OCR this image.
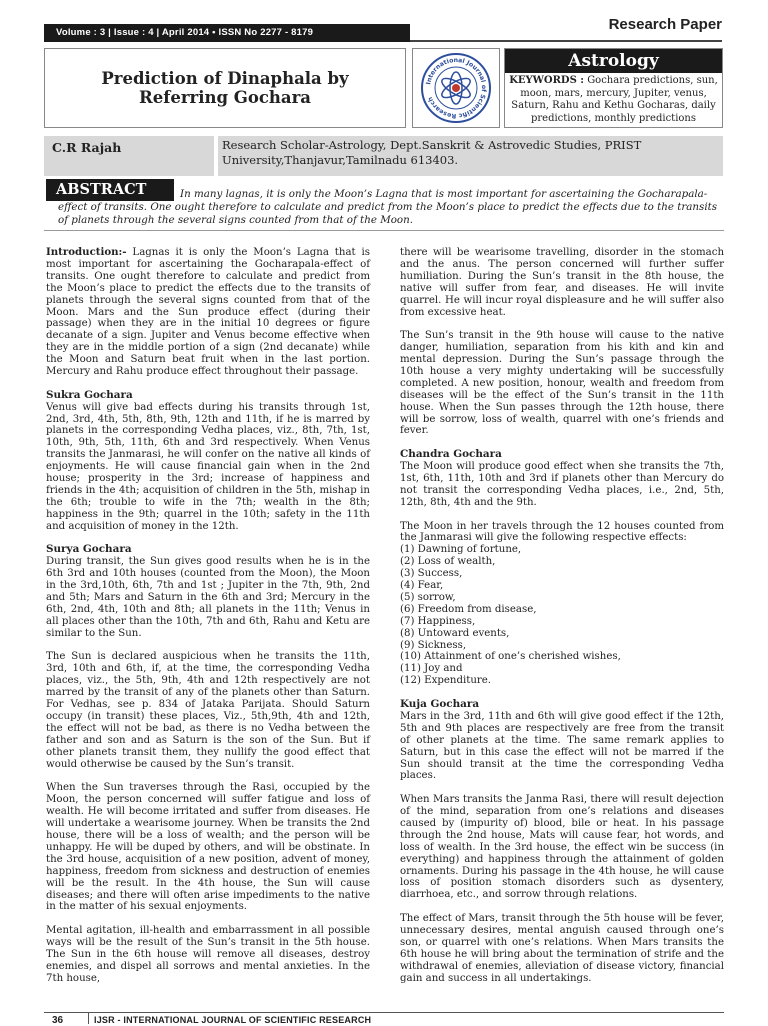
Volume : 3 | Issue : 4 | April 2014 • ISSN No 2277 - 8179	Research Paper
Prediction of Dinaphala by Referring Gochara
International Journal of Scientific Research
Astrology
KEYWORDS : Gochara predictions, sun, moon, mars, mercury, Jupiter, venus, Saturn, Rahu and Kethu Gocharas, daily predictions, monthly predictions
C.R Rajah	Research Scholar-Astrology, Dept.Sanskrit & Astrovedic Studies, PRIST University,Thanjavur,Tamilnadu 613403.
In many lagnas, it is only the Moon’s Lagna that is most important for ascertaining the Gocharapala-effect of transits. One ought therefore to calculate and predict from the Moon’s place to predict the effects due to the transits of planets through the several signs counted from that of the Moon.
ABSTRACT

Introduction:- Lagnas it is only the Moon’s Lagna that is most important for ascertaining the Gocharapala-effect of transits. One ought therefore to calculate and predict from the Moon’s place to predict the effects due to the transits of planets through the several signs counted from that of the Moon. Mars and the Sun produce effect (during their passage) when they are in the initial 10 degrees or figure decanate of a sign. Jupiter and Venus become effective when they are in the middle portion of a sign (2nd decanate) while the Moon and Saturn beat fruit when in the last portion. Mercury and Rahu produce effect throughout their passage.

Sukra Gochara

Venus will give bad effects during his transits through 1st, 2nd, 3rd, 4th, 5th, 8th, 9th, 12th and 11th, if he is marred by planets in the corresponding Vedha places, viz., 8th, 7th, 1st, 10th, 9th, 5th, 11th, 6th and 3rd respectively. When Venus transits the Janmarasi, he will confer on the native all kinds of enjoyments. He will cause financial gain when in the 2nd house; prosperity in the 3rd; increase of happiness and friends in the 4th; acquisition of children in the 5th, mishap in the 6th; trouble to wife in the 7th; wealth in the 8th; happiness in the 9th; quarrel in the 10th; safety in the 11th and acquisition of money in the 12th.

Surya Gochara

During transit, the Sun gives good results when he is in the 6th 3rd and 10th houses (counted from the Moon), the Moon in the 3rd,10th, 6th, 7th and 1st ; Jupiter in the 7th, 9th, 2nd and 5th; Mars and Saturn in the 6th and 3rd; Mercury in the 6th, 2nd, 4th, 10th and 8th; all planets in the 11th; Venus in all places other than the 10th, 7th and 6th, Rahu and Ketu are similar to the Sun.

The Sun is declared auspicious when he transits the 11th, 3rd, 10th and 6th, if, at the time, the corresponding Vedha places, viz., the 5th, 9th, 4th and 12th respectively are not marred by the transit of any of the planets other than Saturn. For Vedhas, see p. 834 of Jataka Parijata. Should Saturn occupy (in transit) these places, Viz., 5th,9th, 4th and 12th, the effect will not be bad, as there is no Vedha between the father and son and as Saturn is the son of the Sun. But if other planets transit them, they nullify the good effect that would otherwise be caused by the Sun’s transit.

When the Sun traverses through the Rasi, occupied by the Moon, the person concerned will suffer fatigue and loss of wealth. He will become irritated and suffer from diseases. He will undertake a wearisome journey. When be transits the 2nd house, there will be a loss of wealth; and the person will be unhappy. He will be duped by others, and will be obstinate. In the 3rd house, acquisition of a new position, advent of money, happiness, freedom from sickness and destruction of enemies will be the result. In the 4th house, the Sun will cause diseases; and there will often arise impediments to the native in the matter of his sexual enjoyments.

Mental agitation, ill-health and embarrassment in all possible ways will be the result of the Sun’s transit in the 5th house. The Sun in the 6th house will remove all diseases, destroy enemies, and dispel all sorrows and mental anxieties. In the 7th house,

there will be wearisome travelling, disorder in the stomach and the anus. The person concerned will further suffer humiliation. During the Sun’s transit in the 8th house, the native will suffer from fear, and diseases. He will invite quarrel. He will incur royal displeasure and he will suffer also from excessive heat.

The Sun’s transit in the 9th house will cause to the native danger, humiliation, separation from his kith and kin and mental depression. During the Sun’s passage through the 10th house a very mighty undertaking will be successfully completed. A new position, honour, wealth and freedom from diseases will be the effect of the Sun’s transit in the 11th house. When the Sun passes through the 12th house, there will be sorrow, loss of wealth, quarrel with one’s friends and fever.

Chandra Gochara

The Moon will produce good effect when she transits the 7th, 1st, 6th, 11th, 10th and 3rd if planets other than Mercury do not transit the corresponding Vedha places, i.e., 2nd, 5th, 12th, 8th, 4th and the 9th.

The Moon in her travels through the 12 houses counted from the Janmarasi will give the following respective effects:

(1) Dawning of fortune,
(2) Loss of wealth,
(3) Success,
(4) Fear,
(5) sorrow,
(6) Freedom from disease,
(7) Happiness,
(8) Untoward events,
(9) Sickness,
(10) Attainment of one’s cherished wishes,
(11) Joy and
(12) Expenditure.
Kuja Gochara

Mars in the 3rd, 11th and 6th will give good effect if the 12th, 5th and 9th places are respectively are free from the transit of other planets at the time. The same remark applies to Saturn, but in this case the effect will not be marred if the Sun should transit at the time the corresponding Vedha places.

When Mars transits the Janma Rasi, there will result dejection of the mind, separation from one’s relations and diseases caused by (impurity of) blood, bile or heat. In his passage through the 2nd house, Mats will cause fear, hot words, and loss of wealth. In the 3rd house, the effect win be success (in everything) and happiness through the attainment of golden ornaments. During his passage in the 4th house, he will cause loss of position stomach disorders such as dysentery, diarrhoea, etc., and sorrow through relations.

The effect of Mars, transit through the 5th house will be fever, unnecessary desires, mental anguish caused through one’s son, or quarrel with one’s relations. When Mars transits the 6th house he will bring about the termination of strife and the withdrawal of enemies, alleviation of disease victory, financial gain and success in all undertakings.

36	IJSR - INTERNATIONAL JOURNAL OF SCIENTIFIC RESEARCH
